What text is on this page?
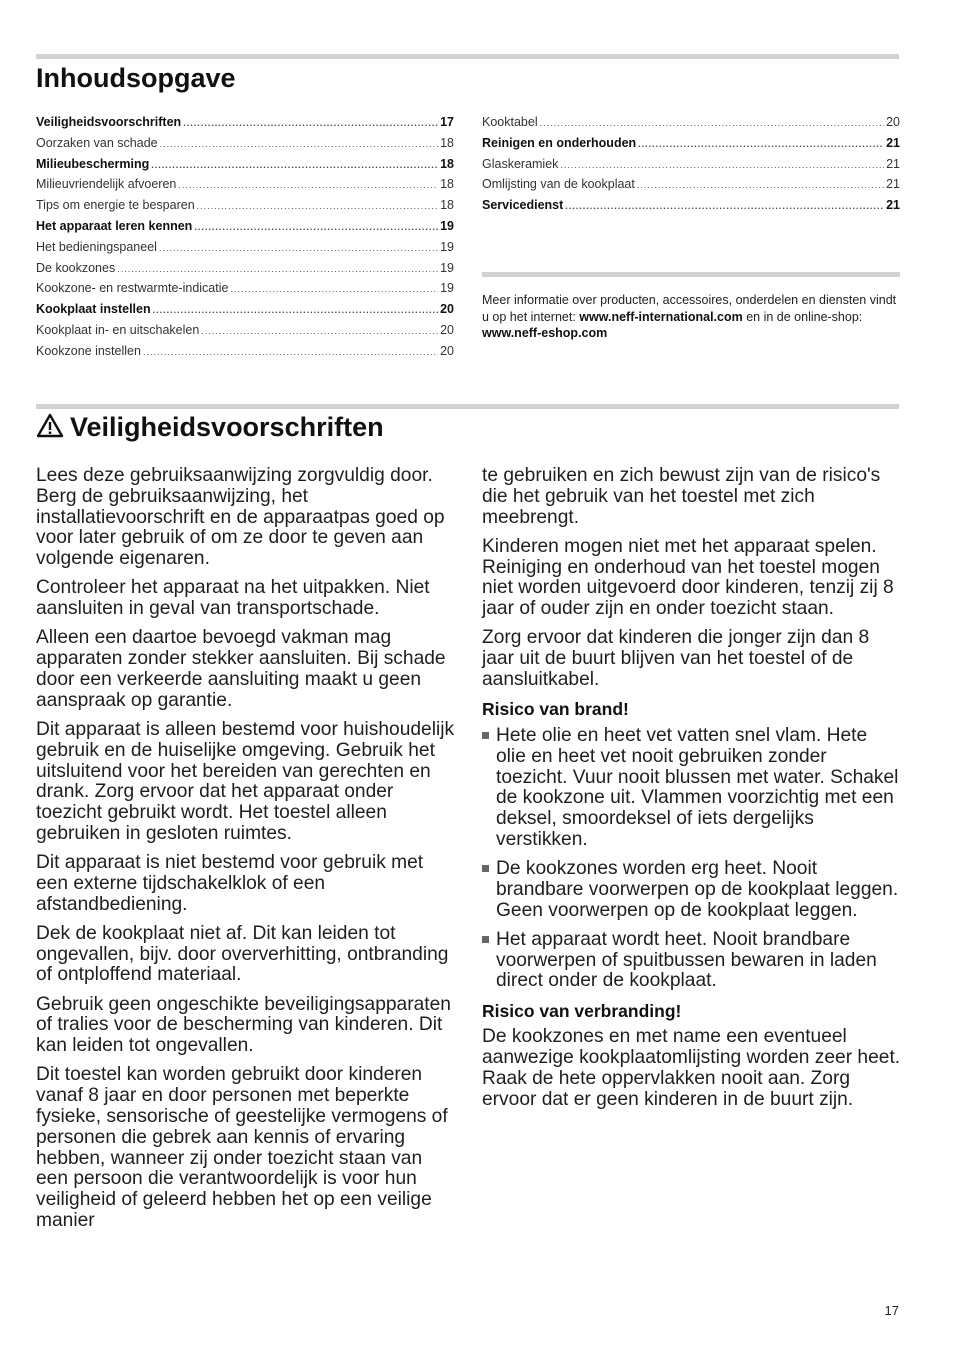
Inhoudsopgave
Veiligheidsvoorschriften .....	17
Oorzaken van schade .....	18
Milieubescherming .....	18
Milieuvriendelijk afvoeren .....	18
Tips om energie te besparen .....	18
Het apparaat leren kennen .....	19
Het bedieningspaneel .....	19
De kookzones .....	19
Kookzone- en restwarmte-indicatie .....	19
Kookplaat instellen .....	20
Kookplaat in- en uitschakelen .....	20
Kookzone instellen .....	20
Kooktabel .....	20
Reinigen en onderhouden .....	21
Glaskeramiek .....	21
Omlijsting van de kookplaat .....	21
Servicedienst .....	21

Meer informatie over producten, accessoires, onderdelen en diensten vindt u op het internet: www.neff-international.com en in de online-shop: www.neff-eshop.com

Veiligheidsvoorschriften

Lees deze gebruiksaanwijzing zorgvuldig door. Berg de gebruiksaanwijzing, het installatievoorschrift en de apparaatpas goed op voor later gebruik of om ze door te geven aan volgende eigenaren.

Controleer het apparaat na het uitpakken. Niet aansluiten in geval van transportschade.

Alleen een daartoe bevoegd vakman mag apparaten zonder stekker aansluiten. Bij schade door een verkeerde aansluiting maakt u geen aanspraak op garantie.

Dit apparaat is alleen bestemd voor huishoudelijk gebruik en de huiselijke omgeving. Gebruik het uitsluitend voor het bereiden van gerechten en drank. Zorg ervoor dat het apparaat onder toezicht gebruikt wordt. Het toestel alleen gebruiken in gesloten ruimtes.

Dit apparaat is niet bestemd voor gebruik met een externe tijdschakelklok of een afstandbediening.

Dek de kookplaat niet af. Dit kan leiden tot ongevallen, bijv. door oververhitting, ontbranding of ontploffend materiaal.

Gebruik geen ongeschikte beveiligingsapparaten of tralies voor de bescherming van kinderen. Dit kan leiden tot ongevallen.

Dit toestel kan worden gebruikt door kinderen vanaf 8 jaar en door personen met beperkte fysieke, sensorische of geestelijke vermogens of personen die gebrek aan kennis of ervaring hebben, wanneer zij onder toezicht staan van een persoon die verantwoordelijk is voor hun veiligheid of geleerd hebben het op een veilige manier

te gebruiken en zich bewust zijn van de risico's die het gebruik van het toestel met zich meebrengt.

Kinderen mogen niet met het apparaat spelen. Reiniging en onderhoud van het toestel mogen niet worden uitgevoerd door kinderen, tenzij zij 8 jaar of ouder zijn en onder toezicht staan.

Zorg ervoor dat kinderen die jonger zijn dan 8 jaar uit de buurt blijven van het toestel of de aansluitkabel.

Risico van brand!

Hete olie en heet vet vatten snel vlam. Hete olie en heet vet nooit gebruiken zonder toezicht. Vuur nooit blussen met water. Schakel de kookzone uit. Vlammen voorzichtig met een deksel, smoordeksel of iets dergelijks verstikken.

De kookzones worden erg heet. Nooit brandbare voorwerpen op de kookplaat leggen. Geen voorwerpen op de kookplaat leggen.

Het apparaat wordt heet. Nooit brandbare voorwerpen of spuitbussen bewaren in laden direct onder de kookplaat.

Risico van verbranding!

De kookzones en met name een eventueel aanwezige kookplaatomlijsting worden zeer heet. Raak de hete oppervlakken nooit aan. Zorg ervoor dat er geen kinderen in de buurt zijn.

17
